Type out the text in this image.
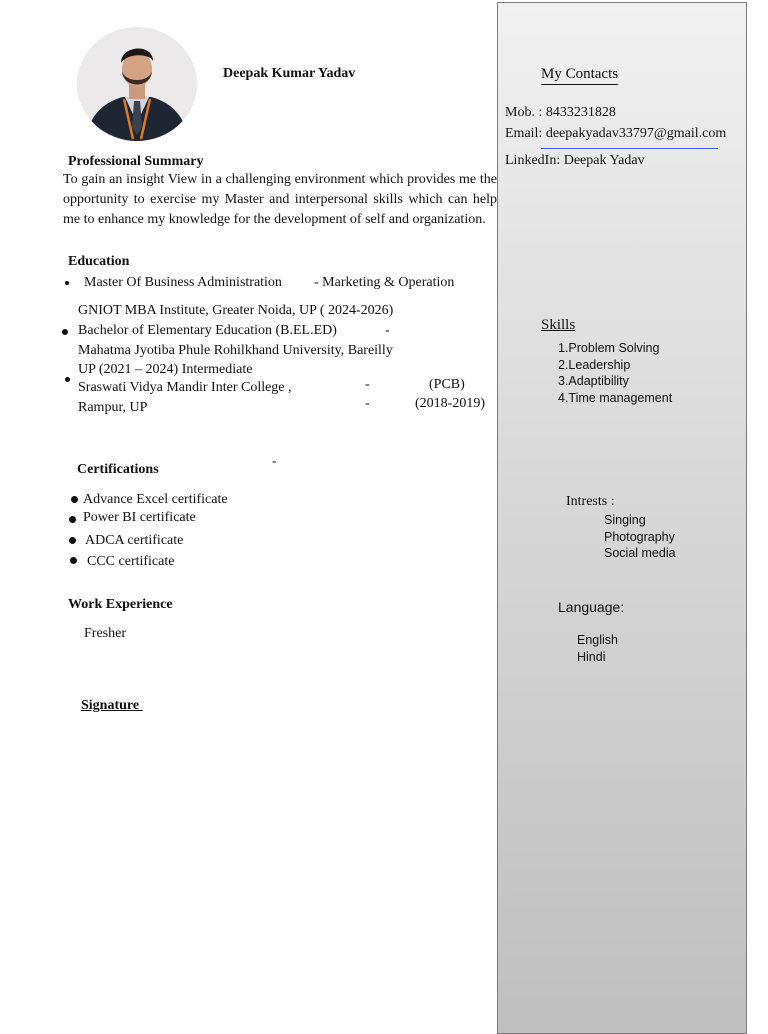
Deepak Kumar Yadav
Professional Summary
To gain an insight View in a challenging environment which provides me the opportunity to exercise my Master and interpersonal skills which can help me to enhance my knowledge for the development of self and organization.
Education
Master Of Business Administration - Marketing & Operation
GNIOT MBA Institute, Greater Noida, UP ( 2024-2026)
Bachelor of Elementary Education (B.EL.ED)	-
Mahatma Jyotiba Phule Rohilkhand University, Bareilly
UP (2021 – 2024) Intermediate
Sraswati Vidya Mandir Inter College ,	-	(PCB)
Rampur, UP	-	(2018-2019)
Certifications
-
Advance Excel certificate
Power BI certificate
ADCA certificate
CCC certificate
Work Experience
Fresher
Signature
My Contacts
Mob. : 8433231828
Email: deepakyadav33797@gmail.com
LinkedIn: Deepak Yadav
Skills
1.Problem Solving
2.Leadership
3.Adaptibility
4.Time management
Intrests :
Singing
Photography
Social media
Language:
English
Hindi
